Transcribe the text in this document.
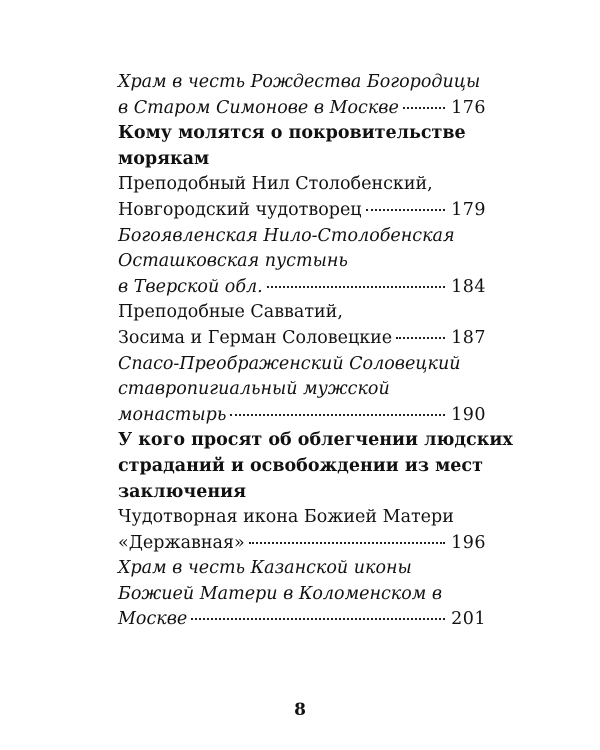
Храм в честь Рождества Богородицы
в Старом Симонове в Москве	176
Кому молятся о покровительстве
морякам
Преподобный Нил Столобенский,
Новгородский чудотворец	179
Богоявленская Нило-Столобенская
Осташковская пустынь
в Тверской обл.	184
Преподобные Савватий,
Зосима и Герман Соловецкие	187
Спасо-Преображенский Соловецкий
ставропигиальный мужской
монастырь	190
У кого просят об облегчении людских
страданий и освобождении из мест
заключения
Чудотворная икона Божией Матери
«Державная»	196
Храм в честь Казанской иконы
Божией Матери в Коломенском в
Москве	201
8
